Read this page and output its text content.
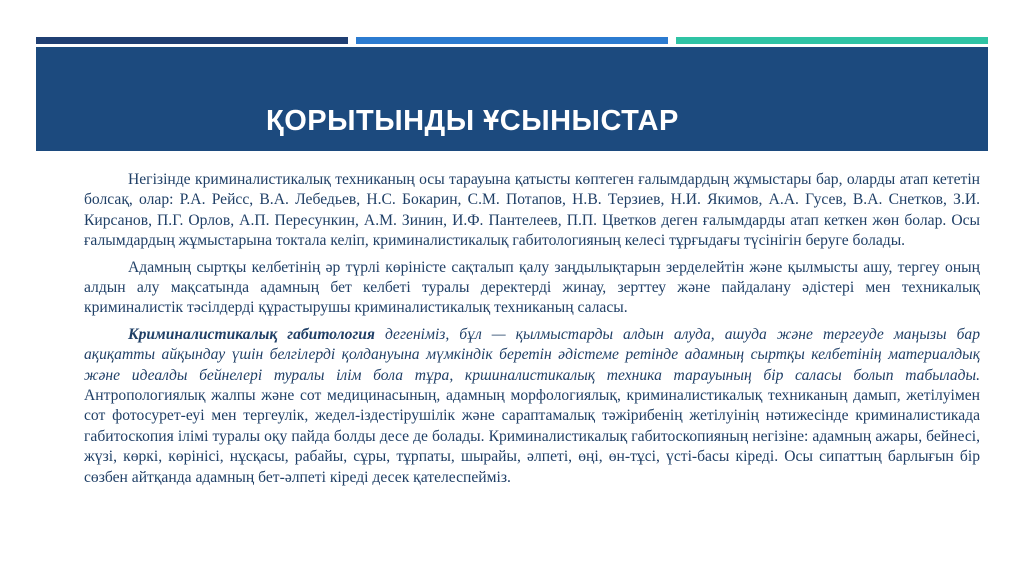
ҚОРЫТЫНДЫ ҰСЫНЫСТАР

Негізінде криминалистикалық техниканың осы тарауына қатысты көптеген ғалымдардың жұмыстары бар, оларды атап кететін болсақ, олар: Р.А. Рейсс, В.А. Лебедьев, Н.С. Бокарин, С.М. Потапов, Н.В. Терзиев, Н.И. Якимов, А.А. Гусев, В.А. Снетков, З.И. Кирсанов, П.Г. Орлов, А.П. Пересункин, А.М. Зинин, И.Ф. Пантелеев, П.П. Цветков деген ғалымдарды атап кеткен жөн болар. Осы ғалымдардың жұмыстарына токтала келіп, криминалистикалық габитологияның келесі тұрғыдағы түсінігін беруге болады.

Адамның сыртқы келбетінің әр түрлі көріністе сақталып қалу заңдылықтарын зерделейтін және қылмысты ашу, тергеу оның алдын алу мақсатында адамның бет келбеті туралы деректерді жинау, зерттеу және пайдалану әдістері мен техникалық криминалистік тәсілдерді құрастырушы криминалистикалық техниканың саласы.

Криминалистикалық габитология дегеніміз, бұл — қылмыстарды алдын алуда, ашуда және тергеуде маңызы бар ақиқатты айқындау үшін белгілерді қолдануына мүмкіндік беретін әдістеме ретінде адамның сыртқы келбетінің материалдық және идеалды бейнелері туралы ілім бола тұра, кршиналистикалық техника тарауының бір саласы болып табылады. Антропологиялық жалпы және сот медицинасының, адамның морфологиялық, криминалистикалық техниканың дамып, жетілуімен сот фотосурет-еуі мен тергеулік, жедел-іздестірушілік және сараптамалық тәжірибенің жетілуінің нәтижесінде криминалистикада габитоскопия ілімі туралы оқу пайда болды десе де болады. Криминалистикалық габитоскопияның негізіне: адамның ажары, бейнесі, жүзі, көркі, көрінісі, нұсқасы, рабайы, сұры, тұрпаты, шырайы, әлпеті, өңі, өн-тұсі, үсті-басы кіреді. Осы сипаттың барлығын бір сөзбен айтқанда адамның бет-әлпеті кіреді десек қателеспейміз.
